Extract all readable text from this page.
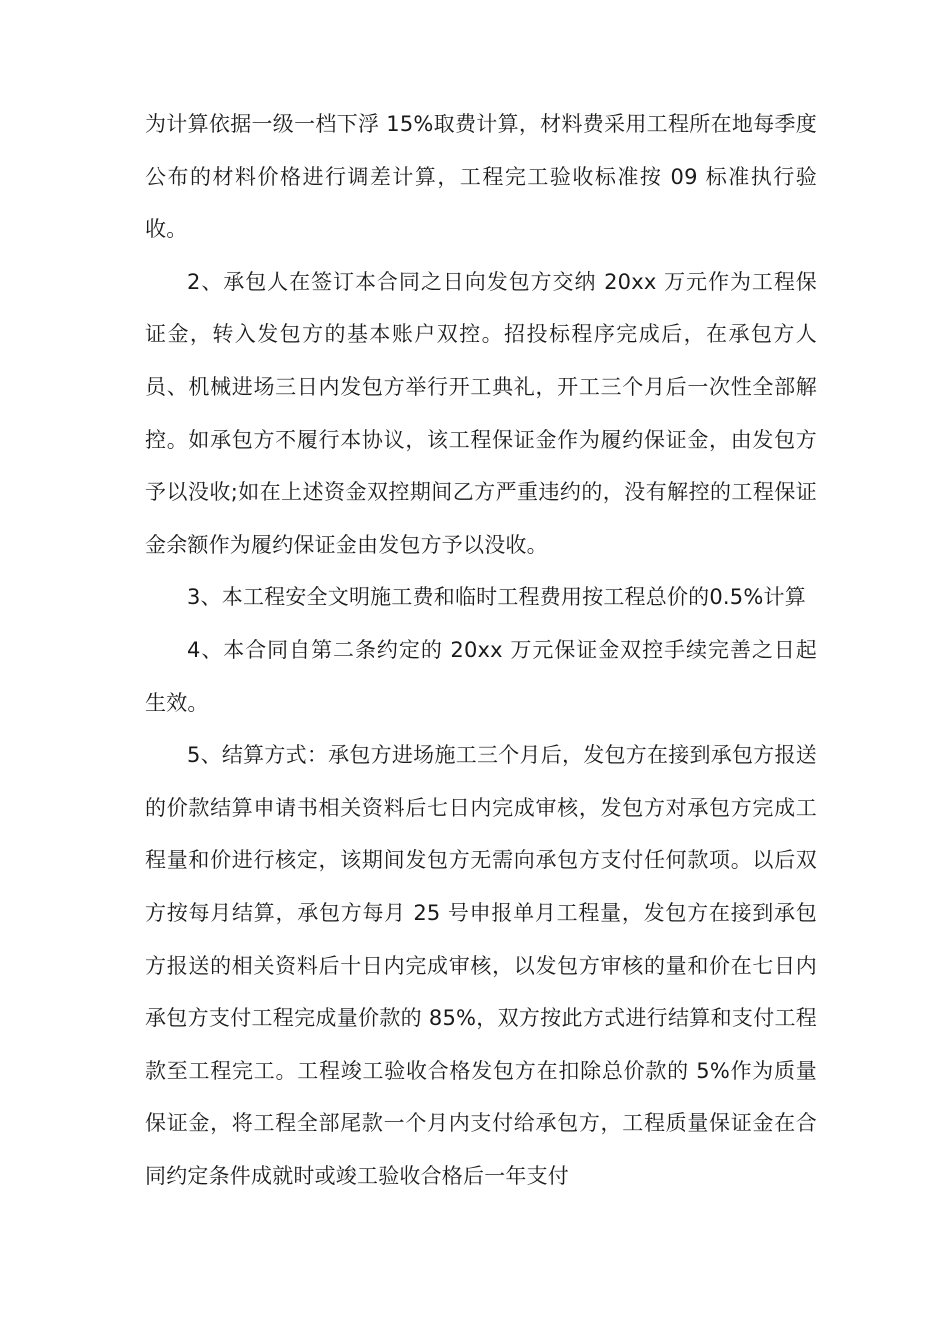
为计算依据一级一档下浮 15%取费计算，材料费采用工程所在地每季度公布的材料价格进行调差计算，工程完工验收标准按 09 标准执行验收。

2、承包人在签订本合同之日向发包方交纳 20xx 万元作为工程保证金，转入发包方的基本账户双控。招投标程序完成后，在承包方人员、机械进场三日内发包方举行开工典礼，开工三个月后一次性全部解控。如承包方不履行本协议，该工程保证金作为履约保证金，由发包方予以没收;如在上述资金双控期间乙方严重违约的，没有解控的工程保证金余额作为履约保证金由发包方予以没收。

3、本工程安全文明施工费和临时工程费用按工程总价的0.5%计算

4、本合同自第二条约定的 20xx 万元保证金双控手续完善之日起生效。

5、结算方式：承包方进场施工三个月后，发包方在接到承包方报送的价款结算申请书相关资料后七日内完成审核，发包方对承包方完成工程量和价进行核定，该期间发包方无需向承包方支付任何款项。以后双方按每月结算，承包方每月 25 号申报单月工程量，发包方在接到承包方报送的相关资料后十日内完成审核，以发包方审核的量和价在七日内承包方支付工程完成量价款的 85%，双方按此方式进行结算和支付工程款至工程完工。工程竣工验收合格发包方在扣除总价款的 5%作为质量保证金，将工程全部尾款一个月内支付给承包方，工程质量保证金在合同约定条件成就时或竣工验收合格后一年支付
